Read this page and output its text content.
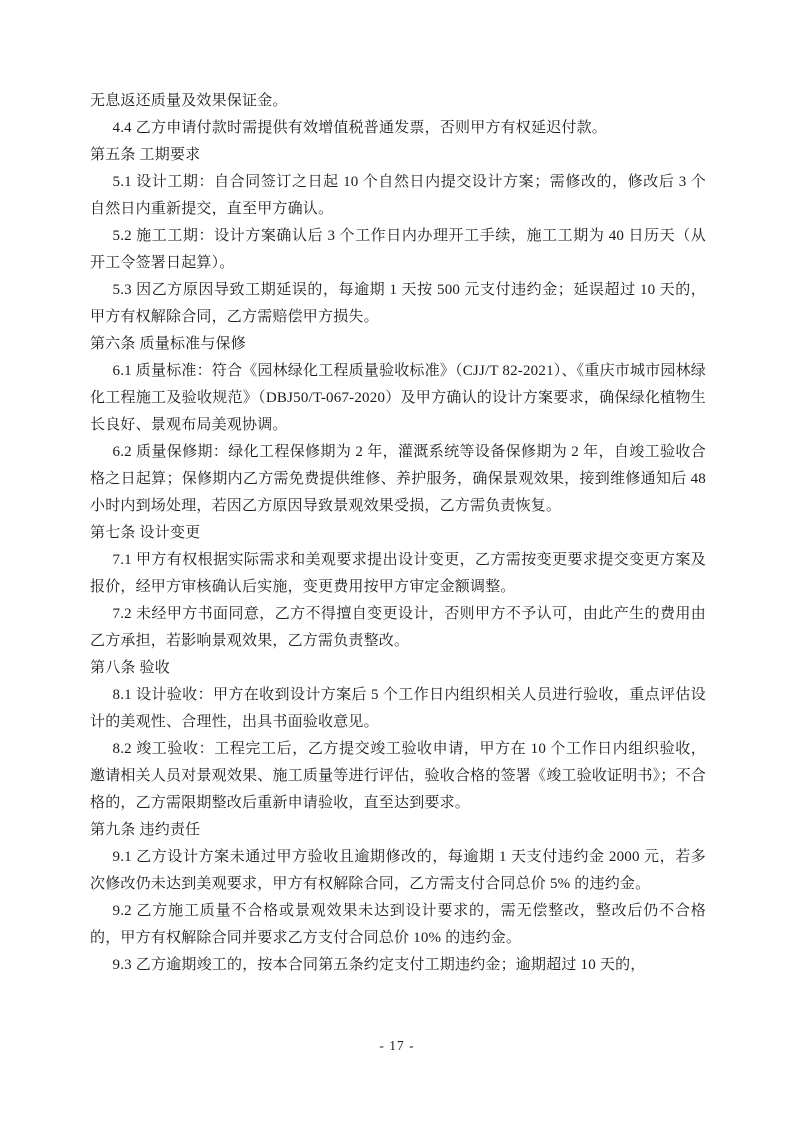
无息返还质量及效果保证金。

4.4 乙方申请付款时需提供有效增值税普通发票，否则甲方有权延迟付款。

第五条 工期要求

5.1 设计工期：自合同签订之日起 10 个自然日内提交设计方案；需修改的，修改后 3 个自然日内重新提交，直至甲方确认。

5.2 施工工期：设计方案确认后 3 个工作日内办理开工手续，施工工期为 40 日历天（从开工令签署日起算）。

5.3 因乙方原因导致工期延误的，每逾期 1 天按 500 元支付违约金；延误超过 10 天的，甲方有权解除合同，乙方需赔偿甲方损失。

第六条 质量标准与保修

6.1 质量标准：符合《园林绿化工程质量验收标准》（CJJ/T 82-2021）、《重庆市城市园林绿化工程施工及验收规范》（DBJ50/T-067-2020）及甲方确认的设计方案要求，确保绿化植物生长良好、景观布局美观协调。

6.2 质量保修期：绿化工程保修期为 2 年，灌溉系统等设备保修期为 2 年，自竣工验收合格之日起算；保修期内乙方需免费提供维修、养护服务，确保景观效果，接到维修通知后 48 小时内到场处理，若因乙方原因导致景观效果受损，乙方需负责恢复。

第七条 设计变更

7.1 甲方有权根据实际需求和美观要求提出设计变更，乙方需按变更要求提交变更方案及报价，经甲方审核确认后实施，变更费用按甲方审定金额调整。

7.2 未经甲方书面同意，乙方不得擅自变更设计，否则甲方不予认可，由此产生的费用由乙方承担，若影响景观效果，乙方需负责整改。

第八条 验收

8.1 设计验收：甲方在收到设计方案后 5 个工作日内组织相关人员进行验收，重点评估设计的美观性、合理性，出具书面验收意见。

8.2 竣工验收：工程完工后，乙方提交竣工验收申请，甲方在 10 个工作日内组织验收，邀请相关人员对景观效果、施工质量等进行评估，验收合格的签署《竣工验收证明书》；不合格的，乙方需限期整改后重新申请验收，直至达到要求。

第九条 违约责任

9.1 乙方设计方案未通过甲方验收且逾期修改的，每逾期 1 天支付违约金 2000 元，若多次修改仍未达到美观要求，甲方有权解除合同，乙方需支付合同总价 5% 的违约金。

9.2 乙方施工质量不合格或景观效果未达到设计要求的，需无偿整改，整改后仍不合格的，甲方有权解除合同并要求乙方支付合同总价 10% 的违约金。

9.3 乙方逾期竣工的，按本合同第五条约定支付工期违约金；逾期超过 10 天的，

- 17 -
